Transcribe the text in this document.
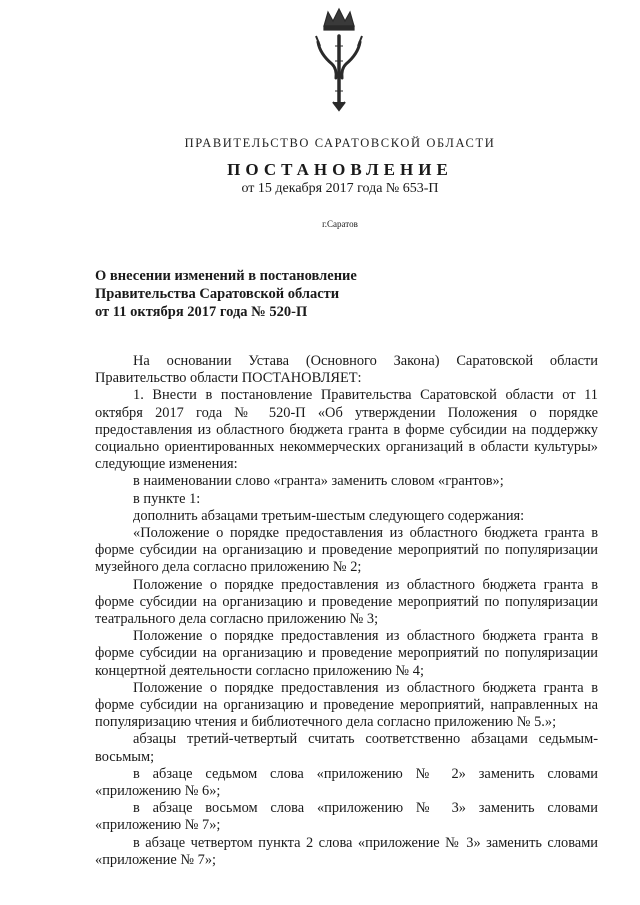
ПРАВИТЕЛЬСТВО САРАТОВСКОЙ ОБЛАСТИ
ПОСТАНОВЛЕНИЕ
от 15 декабря 2017 года № 653-П
г.Саратов
О внесении изменений в постановление
Правительства Саратовской области
от 11 октября 2017 года № 520-П

На основании Устава (Основного Закона) Саратовской области Правительство области ПОСТАНОВЛЯЕТ:

1. Внести в постановление Правительства Саратовской области от 11 октября 2017 года № 520-П «Об утверждении Положения о порядке предоставления из областного бюджета гранта в форме субсидии на поддержку социально ориентированных некоммерческих организаций в области культуры» следующие изменения:

в наименовании слово «гранта» заменить словом «грантов»;

в пункте 1:

дополнить абзацами третьим-шестым следующего содержания:

«Положение о порядке предоставления из областного бюджета гранта в форме субсидии на организацию и проведение мероприятий по популяризации музейного дела согласно приложению № 2;

Положение о порядке предоставления из областного бюджета гранта в форме субсидии на организацию и проведение мероприятий по популяризации театрального дела согласно приложению № 3;

Положение о порядке предоставления из областного бюджета гранта в форме субсидии на организацию и проведение мероприятий по популяризации концертной деятельности согласно приложению № 4;

Положение о порядке предоставления из областного бюджета гранта в форме субсидии на организацию и проведение мероприятий, направленных на популяризацию чтения и библиотечного дела согласно приложению № 5.»;

абзацы третий-четвертый считать соответственно абзацами седьмым-восьмым;

в абзаце седьмом слова «приложению № 2» заменить словами «приложению № 6»;

в абзаце восьмом слова «приложению № 3» заменить словами «приложению № 7»;

в абзаце четвертом пункта 2 слова «приложение № 3» заменить словами «приложение № 7»;
